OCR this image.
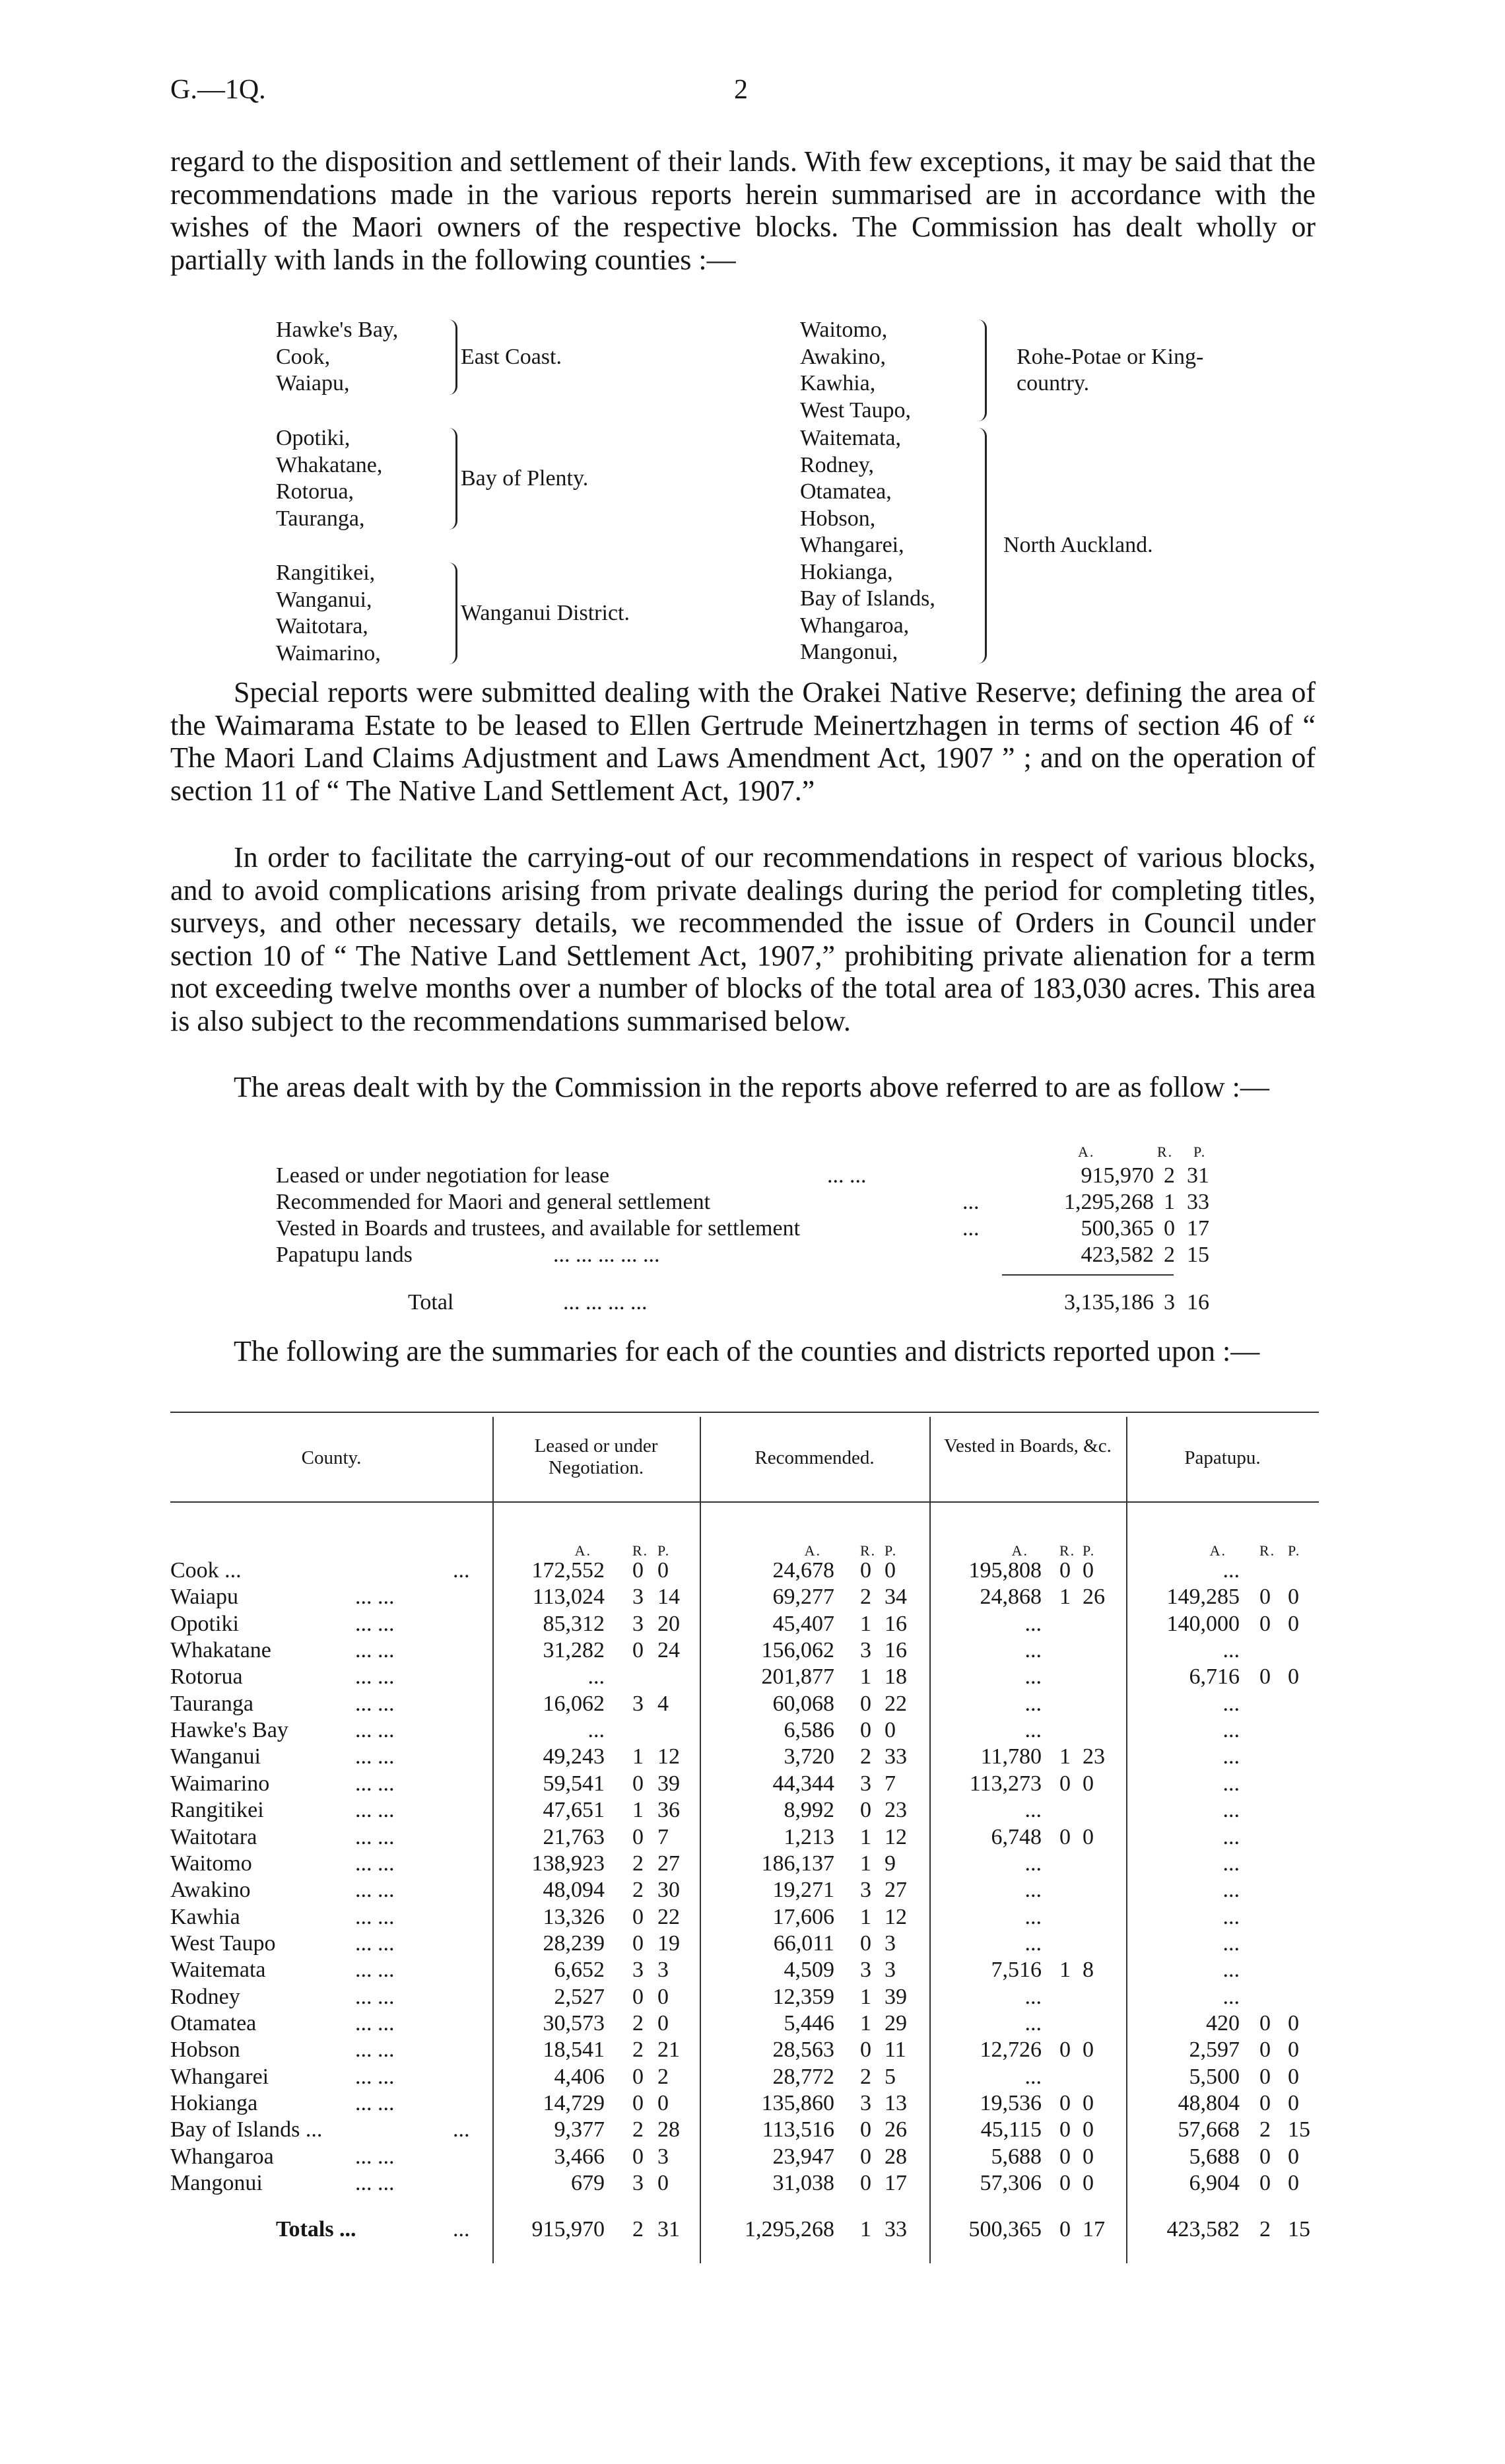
G.—1Q.	2
regard to the disposition and settlement of their lands. With few exceptions, it may be said that the recommendations made in the various reports herein summarised are in accordance with the wishes of the Maori owners of the respective blocks. The Commission has dealt wholly or partially with lands in the following counties :—
Hawke's Bay,
Cook,
Waiapu,
East Coast.
Opotiki,
Whakatane,
Rotorua,
Tauranga,
Bay of Plenty.
Rangitikei,
Wanganui,
Waitotara,
Waimarino,
Wanganui District.
Waitomo,
Awakino,
Kawhia,
West Taupo,
Rohe-Potae or King-country.
Waitemata,
Rodney,
Otamatea,
Hobson,
Whangarei,
Hokianga,
Bay of Islands,
Whangaroa,
Mangonui,
North Auckland.
Special reports were submitted dealing with the Orakei Native Reserve; defining the area of the Waimarama Estate to be leased to Ellen Gertrude Meinertzhagen in terms of section 46 of “ The Maori Land Claims Adjustment and Laws Amendment Act, 1907 ” ; and on the operation of section 11 of “ The Native Land Settlement Act, 1907.”
In order to facilitate the carrying-out of our recommendations in respect of various blocks, and to avoid complications arising from private dealings during the period for completing titles, surveys, and other necessary details, we recommended the issue of Orders in Council under section 10 of “ The Native Land Settlement Act, 1907,” prohibiting private alienation for a term not exceeding twelve months over a number of blocks of the total area of 183,030 acres. This area is also subject to the recommendations summarised below.
The areas dealt with by the Commission in the reports above referred to are as follow :—
A.	R. P.
Leased or under negotiation for lease	... ...	915,970 2 31
Recommended for Maori and general settlement	...	1,295,268 1 33
Vested in Boards and trustees, and available for settlement	...	500,365 0 17
Papatupu lands	... ... ... ... ...	423,582 2 15
Total	... ... ... ...	3,135,186 3 16
The following are the summaries for each of the counties and districts reported upon :—
County.
Leased or under Negotiation.	Recommended.
Vested in Boards, &c.
Papatupu.
A.	R. P.	A.	R. P.	A. R. P.	A. R. P.
Cook ...	...	172,552 0 0	24,678 0 0	195,808 0 0	...
Waiapu	... ...	113,024 3 14	69,277 2 34	24,868 1 26	149,285 0 0
Opotiki	... ...	85,312 3 20	45,407 1 16	...	140,000 0 0
Whakatane	... ...	31,282 0 24	156,062 3 16	...	...
Rotorua	... ...	...	201,877 1 18	...	6,716 0 0
Tauranga	... ...	16,062 3 4	60,068 0 22	...	...
Hawke's Bay	... ...	...	6,586 0 0	...	...
Wanganui	... ...	49,243 1 12	3,720 2 33	11,780 1 23	...
Waimarino	... ...	59,541 0 39	44,344 3 7	113,273 0 0	...
Rangitikei	... ...	47,651 1 36	8,992 0 23	...	...
Waitotara	... ...	21,763 0 7	1,213 1 12	6,748 0 0	...
Waitomo	... ...	138,923 2 27	186,137 1 9	...	...
Awakino	... ...	48,094 2 30	19,271 3 27	...	...
Kawhia	... ...	13,326 0 22	17,606 1 12	...	...
West Taupo	... ...	28,239 0 19	66,011 0 3	...	...
Waitemata	... ...	6,652 3 3	4,509 3 3	7,516 1 8	...
Rodney	... ...	2,527 0 0	12,359 1 39	...	...
Otamatea	... ...	30,573 2 0	5,446 1 29	...	420 0 0
Hobson	... ...	18,541 2 21	28,563 0 11	12,726 0 0	2,597 0 0
Whangarei	... ...	4,406 0 2	28,772 2 5	...	5,500 0 0
Hokianga	... ...	14,729 0 0	135,860 3 13	19,536 0 0	48,804 0 0
Bay of Islands ...	...	9,377 2 28	113,516 0 26	45,115 0 0	57,668 2 15
Whangaroa	... ...	3,466 0 3	23,947 0 28	5,688 0 0	5,688 0 0
Mangonui	... ...	679 3 0	31,038 0 17	57,306 0 0	6,904 0 0
Totals ...	...	915,970 2 31	1,295,268 1 33	500,365 0 17	423,582 2 15
